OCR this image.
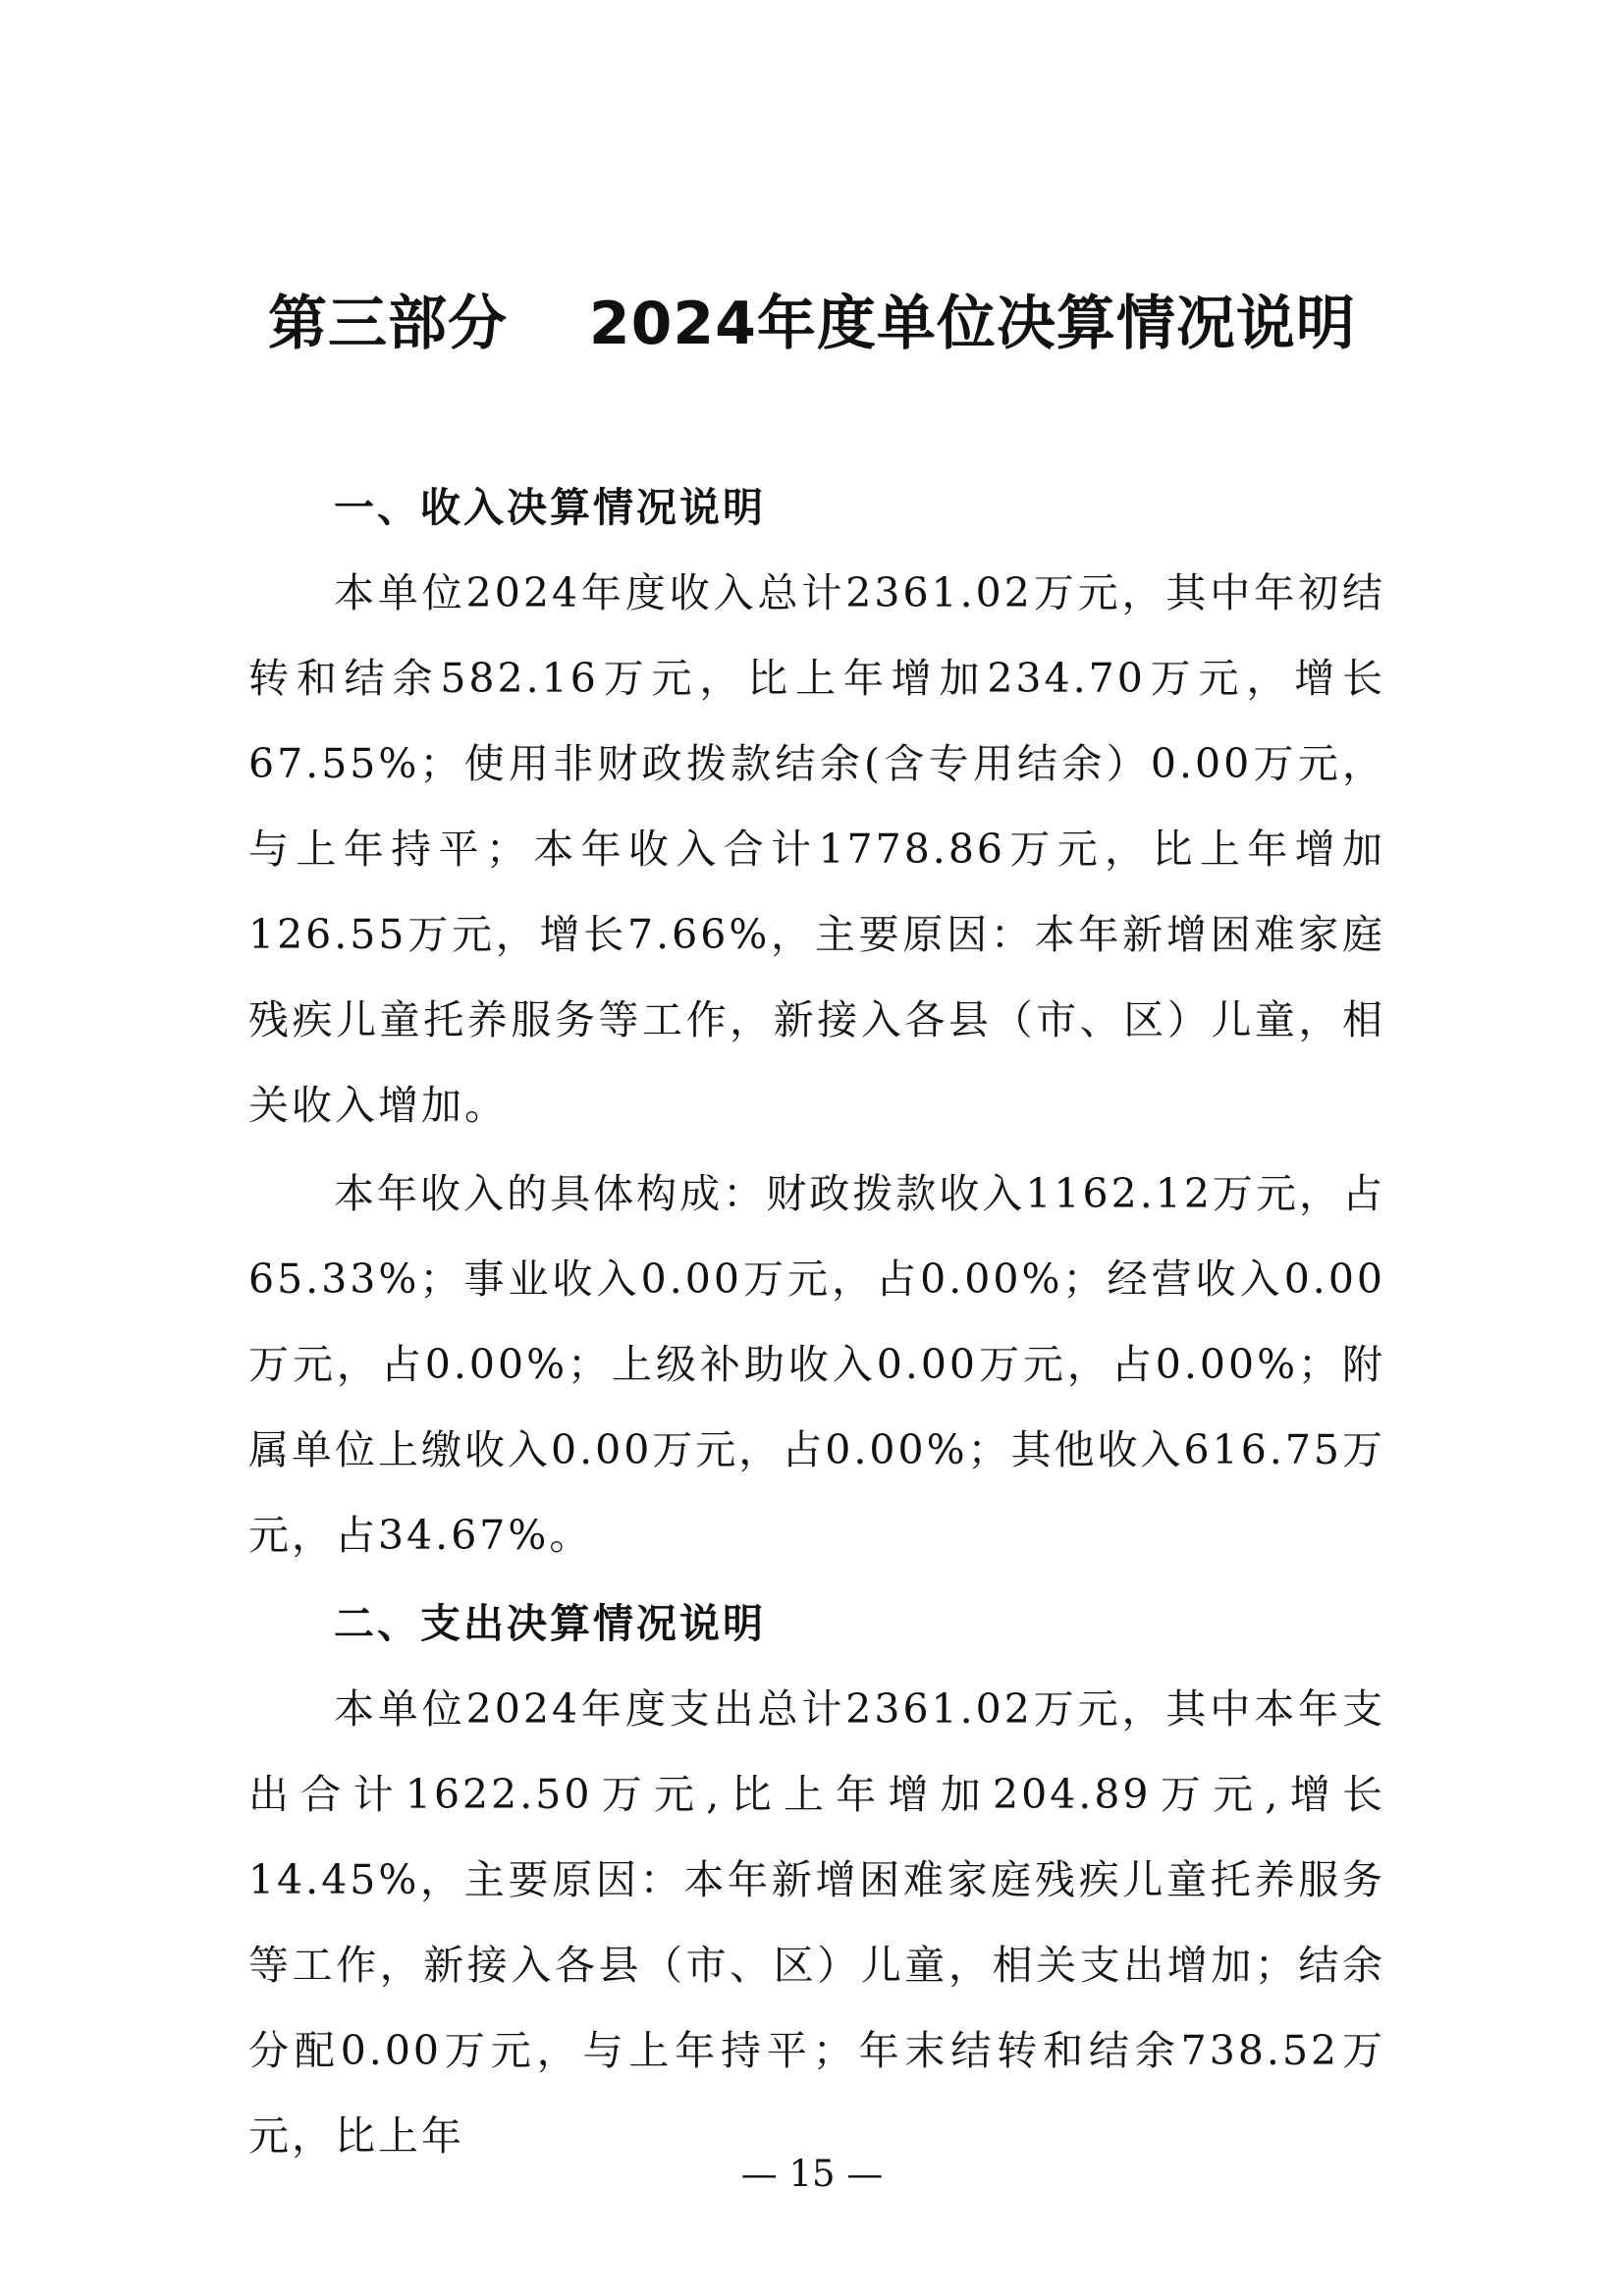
第三部分　 2024年度单位决算情况说明

一、收入决算情况说明

本单位2024年度收入总计2361.02万元，其中年初结转和结余582.16万元，比上年增加234.70万元，增长67.55%；使用非财政拨款结余(含专用结余）0.00万元，与上年持平；本年收入合计1778.86万元，比上年增加126.55万元，增长7.66%，主要原因：本年新增困难家庭残疾儿童托养服务等工作，新接入各县（市、区）儿童，相关收入增加。

本年收入的具体构成：财政拨款收入1162.12万元，占65.33%；事业收入0.00万元，占0.00%；经营收入0.00万元，占0.00%；上级补助收入0.00万元，占0.00%；附属单位上缴收入0.00万元，占0.00%；其他收入616.75万元，占34.67%。

二、支出决算情况说明

本单位2024年度支出总计2361.02万元，其中本年支出合计1622.50万元,比上年增加204.89万元,增长14.45%，主要原因：本年新增困难家庭残疾儿童托养服务等工作，新接入各县（市、区）儿童，相关支出增加；结余分配0.00万元，与上年持平；年末结转和结余738.52万元，比上年

— 15 —
